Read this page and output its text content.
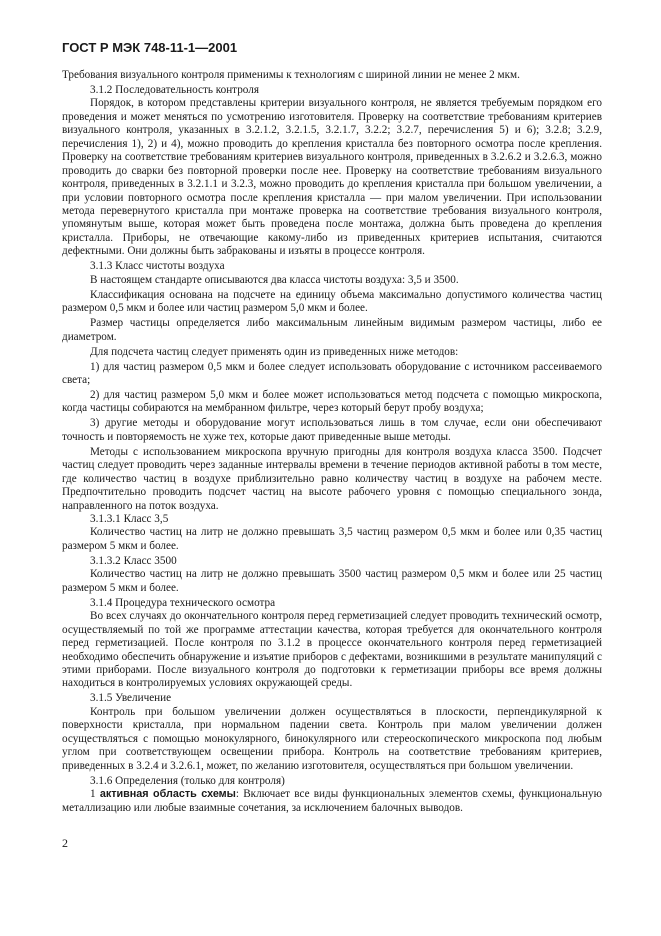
ГОСТ Р МЭК 748-11-1—2001

Требования визуального контроля применимы к технологиям с шириной линии не менее 2 мкм.

3.1.2 Последовательность контроля

Порядок, в котором представлены критерии визуального контроля, не является требуемым порядком его проведения и может меняться по усмотрению изготовителя. Проверку на соответствие требованиям критериев визуального контроля, указанных в 3.2.1.2, 3.2.1.5, 3.2.1.7, 3.2.2; 3.2.7, перечисления 5) и 6); 3.2.8; 3.2.9, перечисления 1), 2) и 4), можно проводить до крепления кристалла без повторного осмотра после крепления. Проверку на соответствие требованиям критериев визуального контроля, приведенных в 3.2.6.2 и 3.2.6.3, можно проводить до сварки без повторной проверки после нее. Проверку на соответствие требованиям визуального контроля, приведенных в 3.2.1.1 и 3.2.3, можно проводить до крепления кристалла при большом увеличении, а при условии повторного осмотра после крепления кристалла — при малом увеличении. При использовании метода перевернутого кристалла при монтаже проверка на соответствие требования визуального контроля, упомянутым выше, которая может быть проведена после монтажа, должна быть проведена до крепления кристалла. Приборы, не отвечающие какому-либо из приведенных критериев испытания, считаются дефектными. Они должны быть забракованы и изъяты в процессе контроля.

3.1.3 Класс чистоты воздуха

В настоящем стандарте описываются два класса чистоты воздуха: 3,5 и 3500.

Классификация основана на подсчете на единицу объема максимально допустимого количества частиц размером 0,5 мкм и более или частиц размером 5,0 мкм и более.

Размер частицы определяется либо максимальным линейным видимым размером частицы, либо ее диаметром.

Для подсчета частиц следует применять один из приведенных ниже методов:

1) для частиц размером 0,5 мкм и более следует использовать оборудование с источником рассеиваемого света;

2) для частиц размером 5,0 мкм и более может использоваться метод подсчета с помощью микроскопа, когда частицы собираются на мембранном фильтре, через который берут пробу воздуха;

3) другие методы и оборудование могут использоваться лишь в том случае, если они обеспечивают точность и повторяемость не хуже тех, которые дают приведенные выше методы.

Методы с использованием микроскопа вручную пригодны для контроля воздуха класса 3500. Подсчет частиц следует проводить через заданные интервалы времени в течение периодов активной работы в том месте, где количество частиц в воздухе приблизительно равно количеству частиц в воздухе на рабочем месте. Предпочтительно проводить подсчет частиц на высоте рабочего уровня с помощью специального зонда, направленного на поток воздуха.

3.1.3.1 Класс 3,5

Количество частиц на литр не должно превышать 3,5 частиц размером 0,5 мкм и более или 0,35 частиц размером 5 мкм и более.

3.1.3.2 Класс 3500

Количество частиц на литр не должно превышать 3500 частиц размером 0,5 мкм и более или 25 частиц размером 5 мкм и более.

3.1.4 Процедура технического осмотра

Во всех случаях до окончательного контроля перед герметизацией следует проводить технический осмотр, осуществляемый по той же программе аттестации качества, которая требуется для окончательного контроля перед герметизацией. После контроля по 3.1.2 в процессе окончательного контроля перед герметизацией необходимо обеспечить обнаружение и изъятие приборов с дефектами, возникшими в результате манипуляций с этими приборами. После визуального контроля до подготовки к герметизации приборы все время должны находиться в контролируемых условиях окружающей среды.

3.1.5 Увеличение

Контроль при большом увеличении должен осуществляться в плоскости, перпендикулярной к поверхности кристалла, при нормальном падении света. Контроль при малом увеличении должен осуществляться с помощью монокулярного, бинокулярного или стереоскопического микроскопа под любым углом при соответствующем освещении прибора. Контроль на соответствие требованиям критериев, приведенных в 3.2.4 и 3.2.6.1, может, по желанию изготовителя, осуществляться при большом увеличении.

3.1.6 Определения (только для контроля)

1 активная область схемы: Включает все виды функциональных элементов схемы, функциональную металлизацию или любые взаимные сочетания, за исключением балочных выводов.

2
